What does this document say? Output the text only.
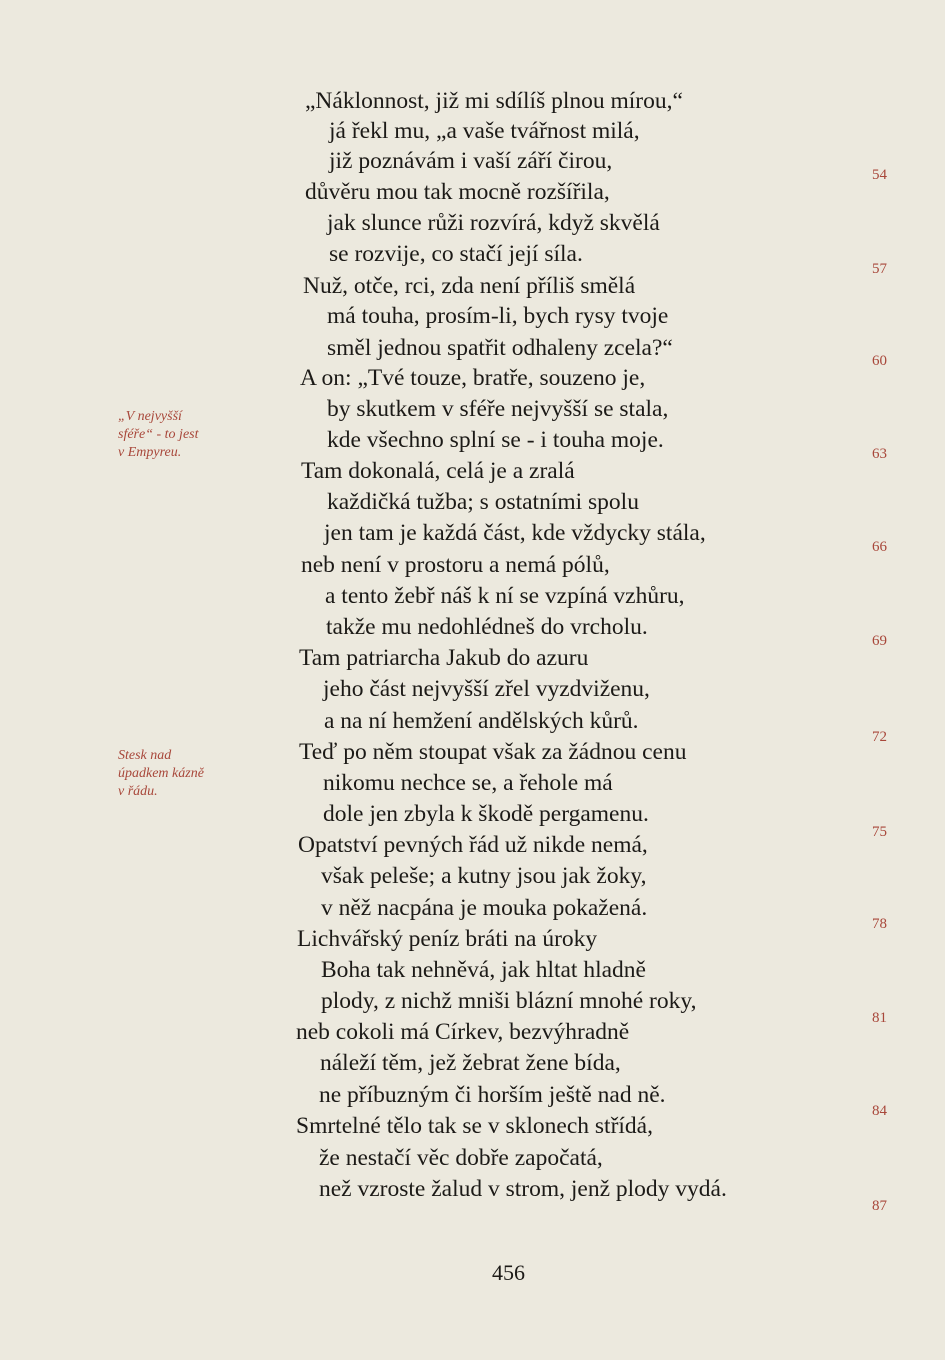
„Náklonnost, již mi sdílíš plnou mírou,“
já řekl mu, „a vaše tvářnost milá,
již poznávám i vaší září čirou,
důvěru mou tak mocně rozšířila,
jak slunce růži rozvírá, když skvělá
se rozvije, co stačí její síla.
Nuž, otče, rci, zda není příliš smělá
má touha, prosím-li, bych rysy tvoje
směl jednou spatřit odhaleny zcela?“
A on: „Tvé touze, bratře, souzeno je,
by skutkem v sféře nejvyšší se stala,
kde všechno splní se - i touha moje.
Tam dokonalá, celá je a zralá
každičká tužba; s ostatními spolu
jen tam je každá část, kde vždycky stála,
neb není v prostoru a nemá pólů,
a tento žebř náš k ní se vzpíná vzhůru,
takže mu nedohlédneš do vrcholu.
Tam patriarcha Jakub do azuru
jeho část nejvyšší zřel vyzdviženu,
a na ní hemžení andělských kůrů.
Teď po něm stoupat však za žádnou cenu
nikomu nechce se, a řehole má
dole jen zbyla k škodě pergamenu.
Opatství pevných řád už nikde nemá,
však peleše; a kutny jsou jak žoky,
v něž nacpána je mouka pokažená.
Lichvářský peníz bráti na úroky
Boha tak nehněvá, jak hltat hladně
plody, z nichž mniši blázní mnohé roky,
neb cokoli má Církev, bezvýhradně
náleží těm, jež žebrat žene bída,
ne příbuzným či horším ještě nad ně.
Smrtelné tělo tak se v sklonech střídá,
že nestačí věc dobře započatá,
než vzroste žalud v strom, jenž plody vydá.
54
57
60
63
66
69
72
75
78
81
84
87
„V nejvyšší
sféře“ - to jest
v Empyreu.
Stesk nad
úpadkem kázně
v řádu.
456
